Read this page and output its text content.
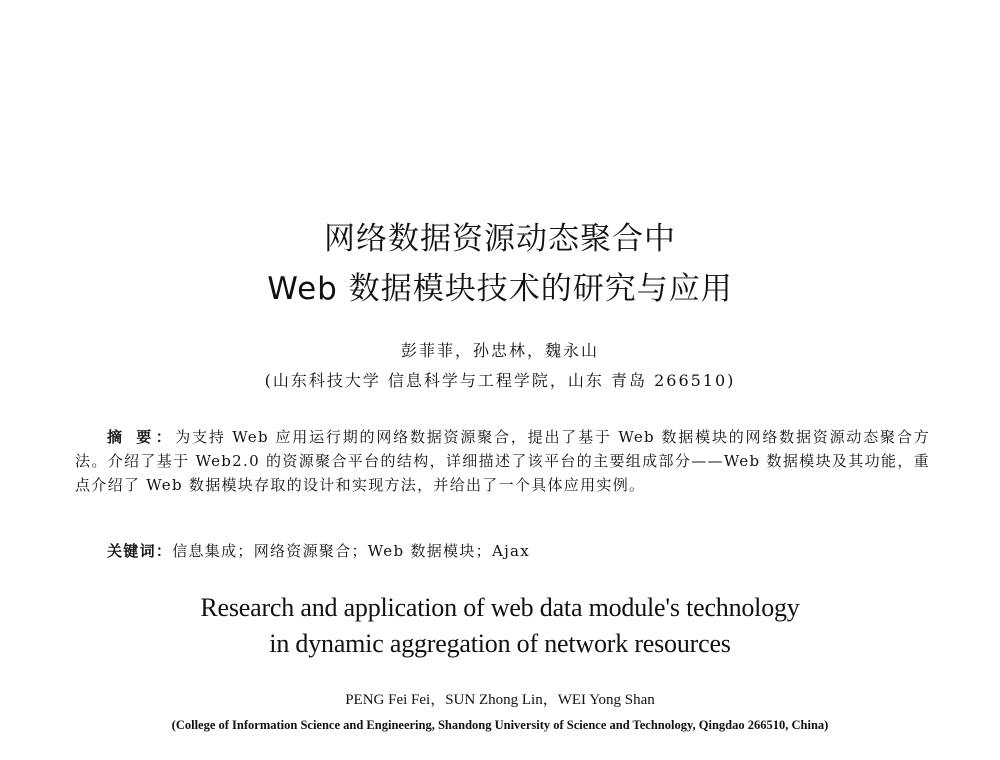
网络数据资源动态聚合中
Web 数据模块技术的研究与应用
彭菲菲，孙忠林，魏永山
(山东科技大学 信息科学与工程学院，山东 青岛 266510)
摘 要：为支持 Web 应用运行期的网络数据资源聚合，提出了基于 Web 数据模块的网络数据资源动态聚合方法。介绍了基于 Web2.0 的资源聚合平台的结构，详细描述了该平台的主要组成部分——Web 数据模块及其功能，重点介绍了 Web 数据模块存取的设计和实现方法，并给出了一个具体应用实例。
关键词：信息集成；网络资源聚合；Web 数据模块；Ajax
Research and application of web data module's technology
in dynamic aggregation of network resources
PENG Fei Fei，SUN Zhong Lin，WEI Yong Shan
(College of Information Science and Engineering, Shandong University of Science and Technology, Qingdao 266510, China)
